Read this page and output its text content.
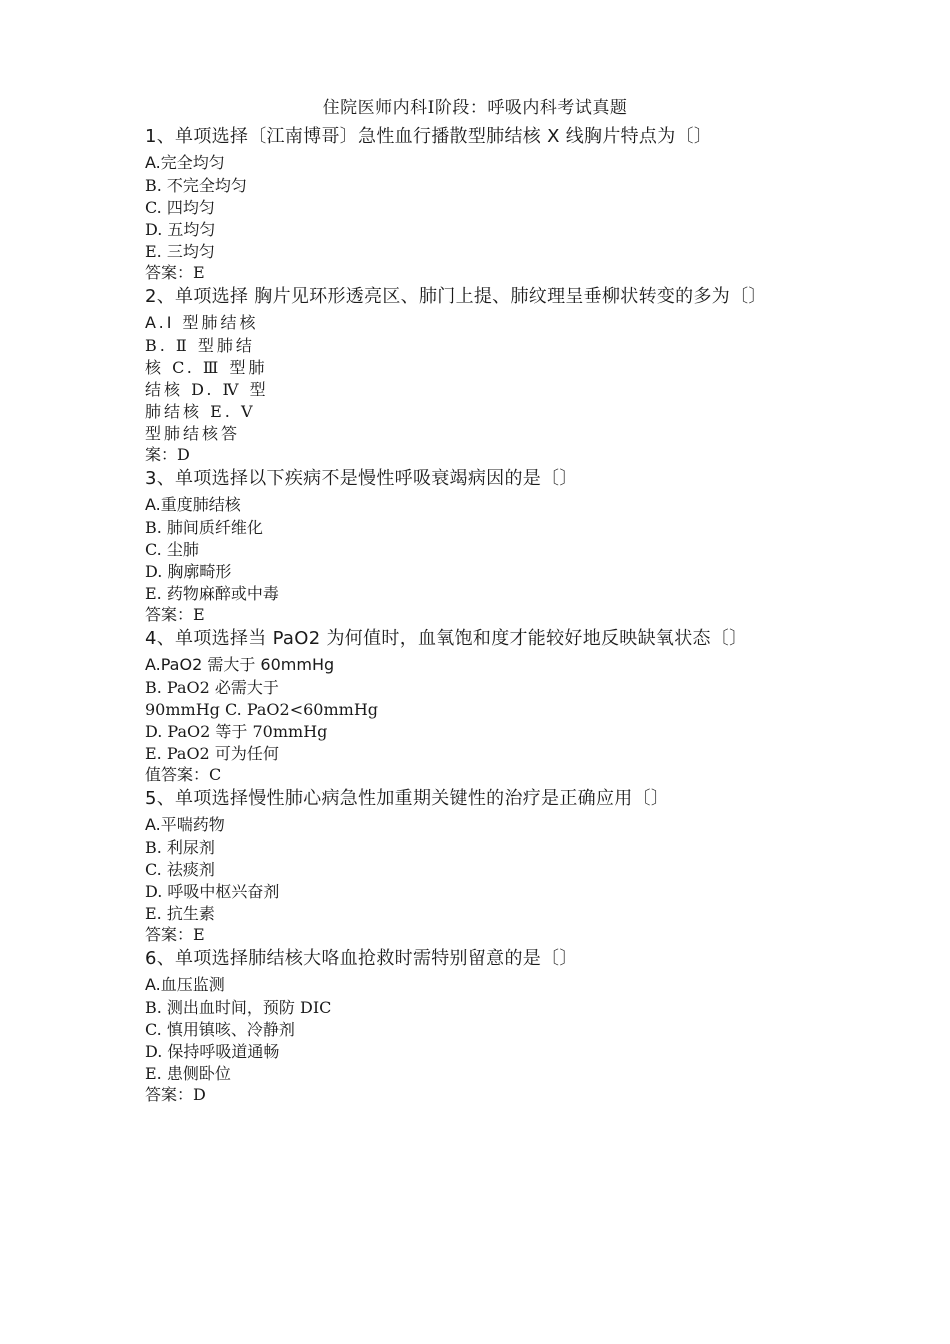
住院医师内科Ⅰ阶段：呼吸内科考试真题
1、单项选择〔江南博哥〕急性血行播散型肺结核 X 线胸片特点为〔〕
A.完全均匀
B. 不完全均匀
C. 四均匀
D. 五均匀
E. 三均匀
答案：E
2、单项选择 胸片见环形透亮区、肺门上提、肺纹理呈垂柳状转变的多为〔〕
A.I 型肺结核
B. Ⅱ 型肺结
核 C. Ⅲ 型肺
结核 D. Ⅳ 型
肺结核 E. Ⅴ
型肺结核答
案：D
3、单项选择以下疾病不是慢性呼吸衰竭病因的是〔〕
A.重度肺结核
B. 肺间质纤维化
C. 尘肺
D. 胸廓畸形
E. 药物麻醉或中毒
答案：E
4、单项选择当 PaO2 为何值时，血氧饱和度才能较好地反映缺氧状态〔〕
A.PaO2 需大于 60mmHg
B. PaO2 必需大于
90mmHg C. PaO2<60mmHg
D. PaO2 等于 70mmHg
E. PaO2 可为任何
值答案：C
5、单项选择慢性肺心病急性加重期关键性的治疗是正确应用〔〕
A.平喘药物
B. 利尿剂
C. 祛痰剂
D. 呼吸中枢兴奋剂
E. 抗生素
答案：E
6、单项选择肺结核大咯血抢救时需特别留意的是〔〕
A.血压监测
B. 测出血时间，预防 DIC
C. 慎用镇咳、冷静剂
D. 保持呼吸道通畅
E. 患侧卧位
答案：D
